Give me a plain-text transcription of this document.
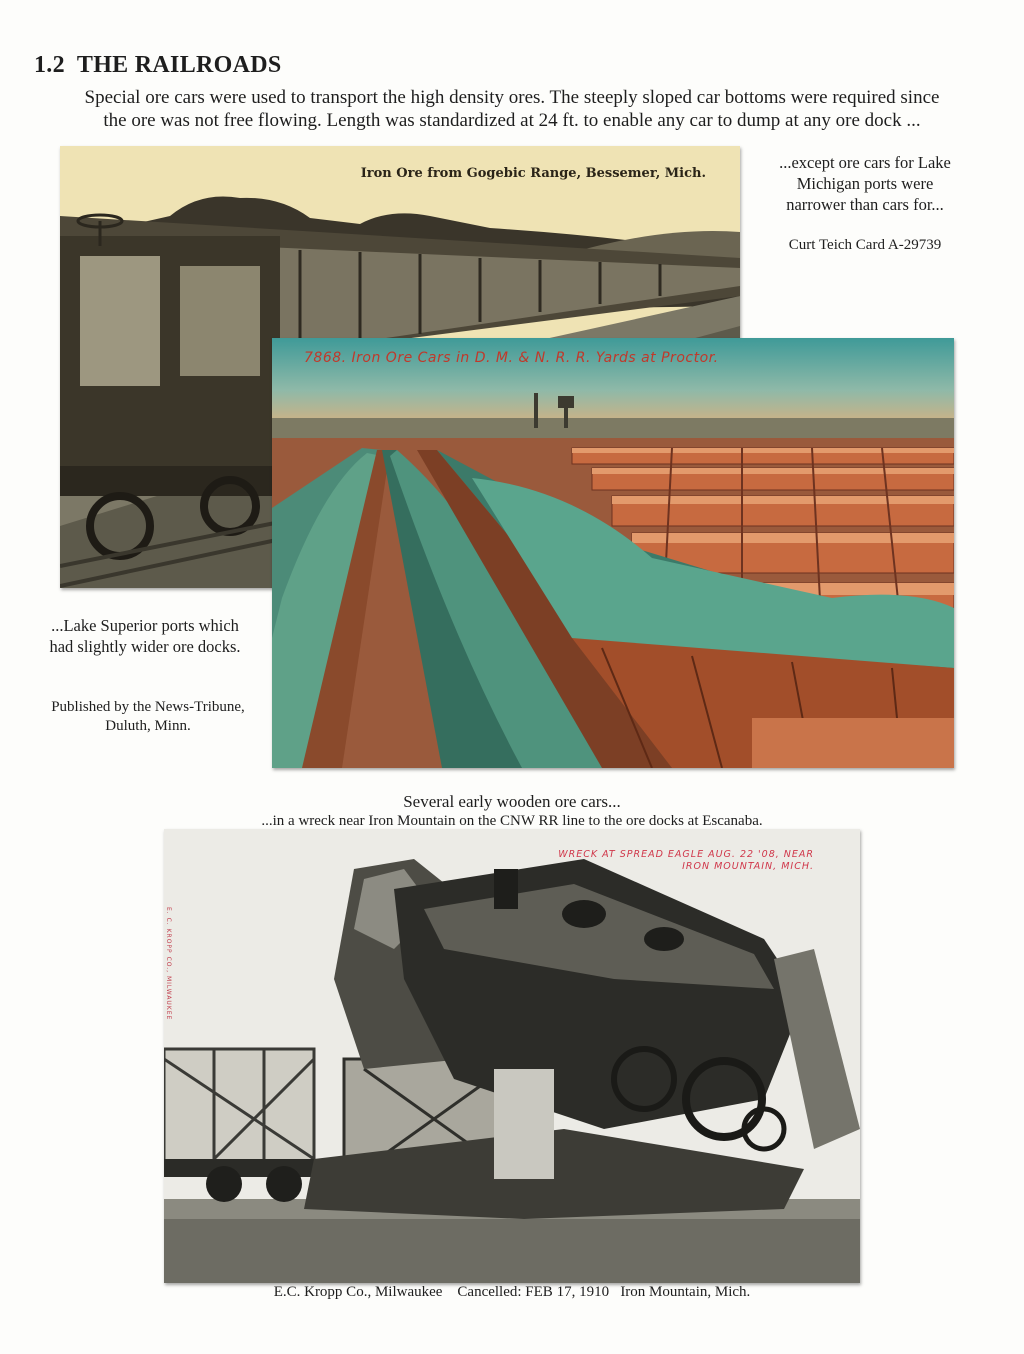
1.2 THE RAILROADS
Special ore cars were used to transport the high density ores. The steeply sloped car bottoms were required since
the ore was not free flowing. Length was standardized at 24 ft. to enable any car to dump at any ore dock ...
...except ore cars for Lake
Michigan ports were
narrower than cars for...
Curt Teich Card A-29739
...Lake Superior ports which
had slightly wider ore docks.
Published by the News-Tribune,
Duluth, Minn.
Iron Ore from Gogebic Range, Bessemer, Mich.
7868. Iron Ore Cars in D. M. & N. R. R. Yards at Proctor.
Several early wooden ore cars...
...in a wreck near Iron Mountain on the CNW RR line to the ore docks at Escanaba.
WRECK AT SPREAD EAGLE AUG. 22 '08, NEAR
IRON MOUNTAIN, MICH.
E. C. KROPP CO., MILWAUKEE
E.C. Kropp Co., Milwaukee    Cancelled: FEB 17, 1910   Iron Mountain, Mich.
